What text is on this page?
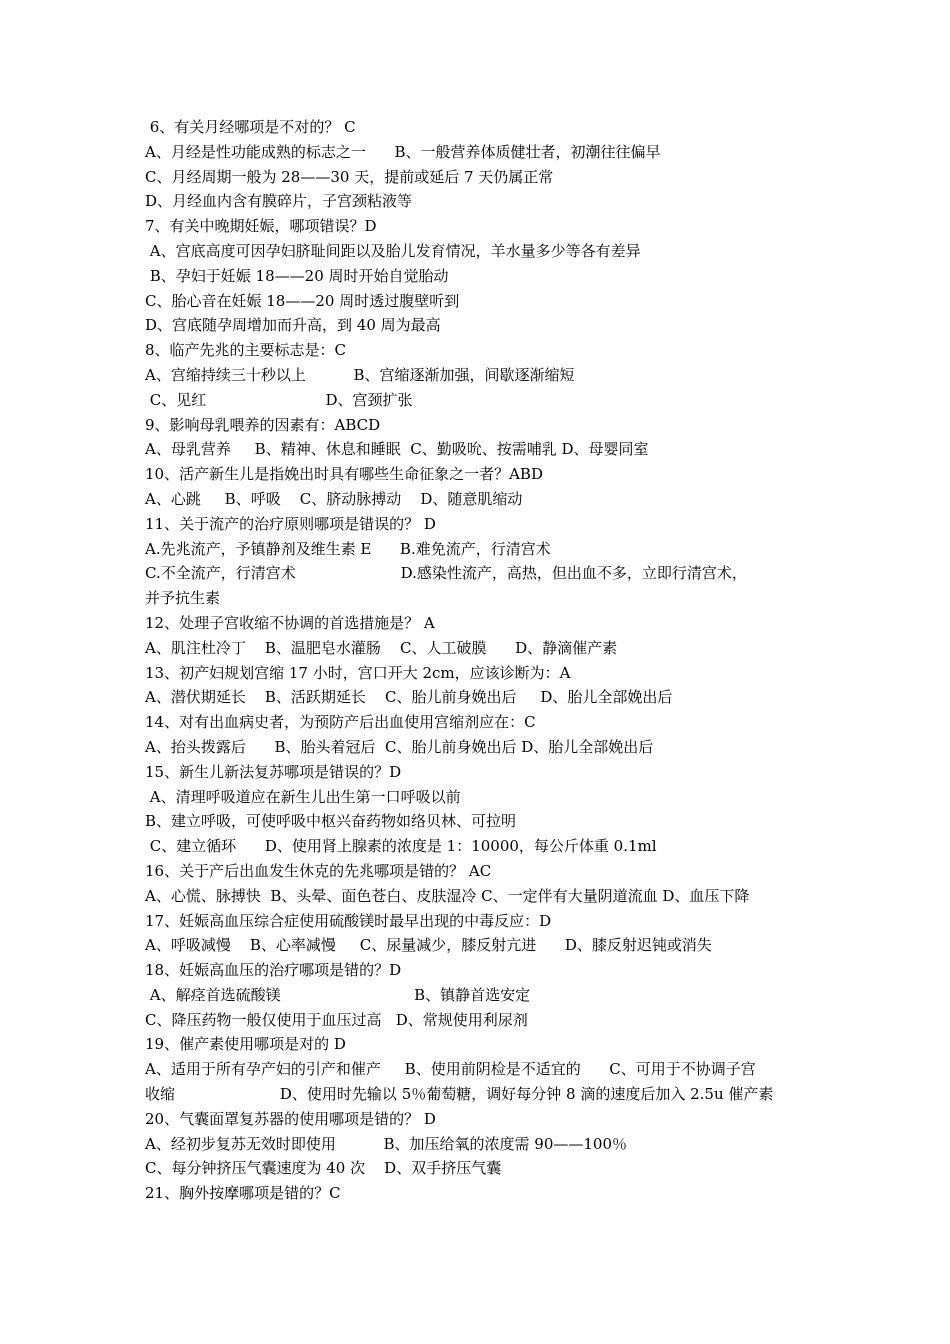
6、有关月经哪项是不对的？ C
A、月经是性功能成熟的标志之一      B、一般营养体质健壮者，初潮往往偏早
C、月经周期一般为 28——30 天，提前或延后 7 天仍属正常
D、月经血内含有膜碎片，子宫颈粘液等
7、有关中晚期妊娠，哪项错误？D
A、宫底高度可因孕妇脐耻间距以及胎儿发育情况，羊水量多少等各有差异
B、孕妇于妊娠 18——20 周时开始自觉胎动
C、胎心音在妊娠 18——20 周时透过腹壁听到
D、宫底随孕周增加而升高，到 40 周为最高
8、临产先兆的主要标志是：C
A、宫缩持续三十秒以上          B、宫缩逐渐加强，间歇逐渐缩短
C、见红                         D、宫颈扩张
9、影响母乳喂养的因素有：ABCD
A、母乳营养     B、精神、休息和睡眠  C、勤吸吮、按需哺乳 D、母婴同室
10、活产新生儿是指娩出时具有哪些生命征象之一者？ABD
A、心跳     B、呼吸    C、脐动脉搏动    D、随意肌缩动
11、关于流产的治疗原则哪项是错误的？ D
A.先兆流产，予镇静剂及维生素 E      B.难免流产，行清宫术
C.不全流产，行清宫术                      D.感染性流产，高热，但出血不多，立即行清宫术，
并予抗生素
12、处理子宫收缩不协调的首选措施是？ A
A、肌注杜冷丁    B、温肥皂水灌肠    C、人工破膜      D、静滴催产素
13、初产妇规划宫缩 17 小时，宫口开大 2cm，应该诊断为：A
A、潜伏期延长    B、活跃期延长    C、胎儿前身娩出后     D、胎儿全部娩出后
14、对有出血病史者，为预防产后出血使用宫缩剂应在：C
A、抬头拨露后      B、胎头着冠后  C、胎儿前身娩出后 D、胎儿全部娩出后
15、新生儿新法复苏哪项是错误的？D
A、清理呼吸道应在新生儿出生第一口呼吸以前
B、建立呼吸，可使呼吸中枢兴奋药物如络贝林、可拉明
C、建立循环      D、使用肾上腺素的浓度是 1：10000，每公斤体重 0.1ml
16、关于产后出血发生休克的先兆哪项是错的？ AC
A、心慌、脉搏快  B、头晕、面色苍白、皮肤湿冷 C、一定伴有大量阴道流血 D、血压下降
17、妊娠高血压综合症使用硫酸镁时最早出现的中毒反应：D
A、呼吸减慢    B、心率减慢     C、尿量减少，膝反射亢进      D、膝反射迟钝或消失
18、妊娠高血压的治疗哪项是错的？D
A、解痉首选硫酸镁                            B、镇静首选安定
C、降压药物一般仅使用于血压过高   D、常规使用利尿剂
19、催产素使用哪项是对的 D
A、适用于所有孕产妇的引产和催产     B、使用前阴检是不适宜的      C、可用于不协调子宫
收缩                      D、使用时先输以 5％葡萄糖，调好每分钟 8 滴的速度后加入 2.5u 催产素
20、气囊面罩复苏器的使用哪项是错的？ D
A、经初步复苏无效时即使用          B、加压给氧的浓度需 90——100％
C、每分钟挤压气囊速度为 40 次    D、双手挤压气囊
21、胸外按摩哪项是错的？C
